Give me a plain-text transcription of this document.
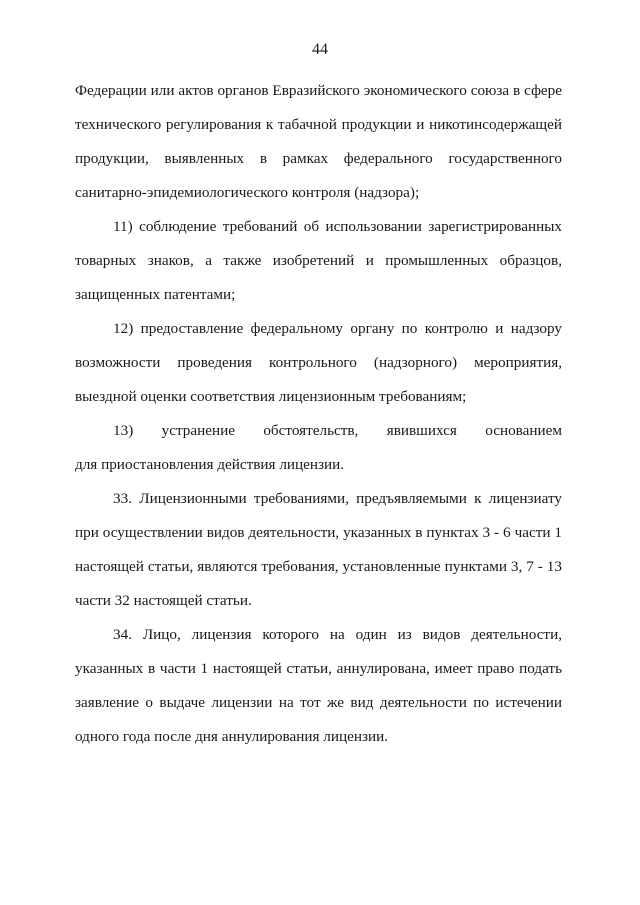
44
Федерации или актов органов Евразийского экономического союза в сфере
технического регулирования к табачной продукции и никотинсодержащей
продукции, выявленных в рамках федерального государственного
санитарно-эпидемиологического контроля (надзора);
11) соблюдение требований об использовании зарегистрированных
товарных знаков, а также изобретений и промышленных образцов,
защищенных патентами;
12) предоставление федеральному органу по контролю и надзору
возможности проведения контрольного (надзорного) мероприятия,
выездной оценки соответствия лицензионным требованиям;
13) устранение обстоятельств, явившихся основанием
для приостановления действия лицензии.
33. Лицензионными требованиями, предъявляемыми к лицензиату
при осуществлении видов деятельности, указанных в пунктах 3 - 6 части 1
настоящей статьи, являются требования, установленные пунктами 3, 7 - 13
части 32 настоящей статьи.
34. Лицо, лицензия которого на один из видов деятельности,
указанных в части 1 настоящей статьи, аннулирована, имеет право подать
заявление о выдаче лицензии на тот же вид деятельности по истечении
одного года после дня аннулирования лицензии.
